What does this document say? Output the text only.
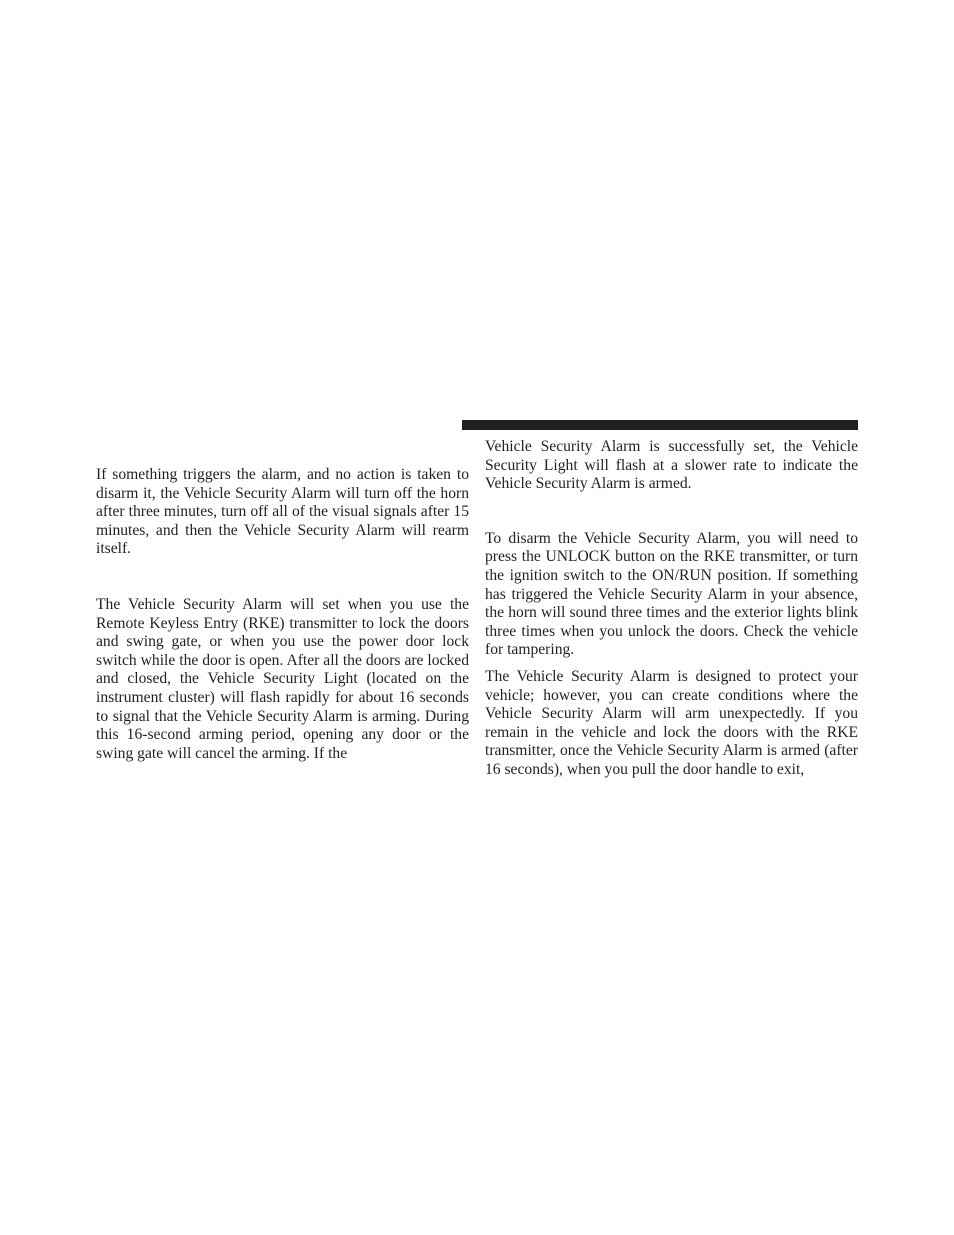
If something triggers the alarm, and no action is taken to disarm it, the Vehicle Security Alarm will turn off the horn after three minutes, turn off all of the visual signals after 15 minutes, and then the Vehicle Security Alarm will rearm itself.

The Vehicle Security Alarm will set when you use the Remote Keyless Entry (RKE) transmitter to lock the doors and swing gate, or when you use the power door lock switch while the door is open. After all the doors are locked and closed, the Vehicle Security Light (located on the instrument cluster) will flash rapidly for about 16 seconds to signal that the Vehicle Security Alarm is arming. During this 16-second arming period, opening any door or the swing gate will cancel the arming. If the

Vehicle Security Alarm is successfully set, the Vehicle Security Light will flash at a slower rate to indicate the Vehicle Security Alarm is armed.

To disarm the Vehicle Security Alarm, you will need to press the UNLOCK button on the RKE transmitter, or turn the ignition switch to the ON/RUN position. If something has triggered the Vehicle Security Alarm in your absence, the horn will sound three times and the exterior lights blink three times when you unlock the doors. Check the vehicle for tampering.

The Vehicle Security Alarm is designed to protect your vehicle; however, you can create conditions where the Vehicle Security Alarm will arm unexpectedly. If you remain in the vehicle and lock the doors with the RKE transmitter, once the Vehicle Security Alarm is armed (after 16 seconds), when you pull the door handle to exit,
